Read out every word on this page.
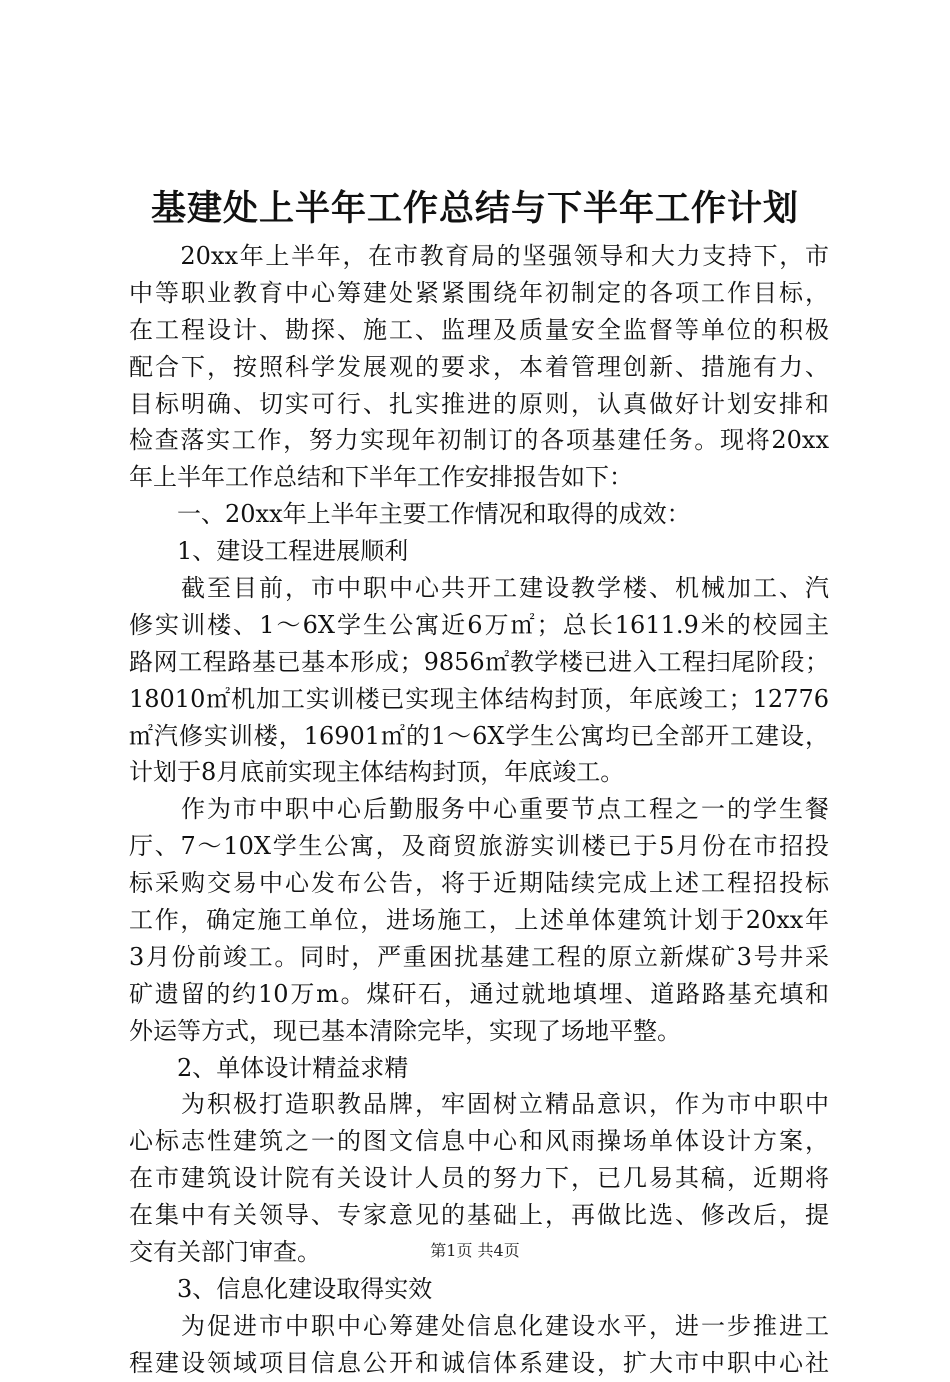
基建处上半年工作总结与下半年工作计划
　　20xx年上半年，在市教育局的坚强领导和大力支持下，市
中等职业教育中心筹建处紧紧围绕年初制定的各项工作目标，
在工程设计、勘探、施工、监理及质量安全监督等单位的积极
配合下，按照科学发展观的要求，本着管理创新、措施有力、
目标明确、切实可行、扎实推进的原则，认真做好计划安排和
检查落实工作，努力实现年初制订的各项基建任务。现将20xx
年上半年工作总结和下半年工作安排报告如下：
　　一、20xx年上半年主要工作情况和取得的成效：
　　1、建设工程进展顺利
　　截至目前，市中职中心共开工建设教学楼、机械加工、汽
修实训楼、1～6X学生公寓近6万㎡；总长1611.9米的校园主
路网工程路基已基本形成；9856㎡教学楼已进入工程扫尾阶段；
18010㎡机加工实训楼已实现主体结构封顶，年底竣工；12776
㎡汽修实训楼，16901㎡的1～6X学生公寓均已全部开工建设，
计划于8月底前实现主体结构封顶，年底竣工。
　　作为市中职中心后勤服务中心重要节点工程之一的学生餐
厅、7～10X学生公寓，及商贸旅游实训楼已于5月份在市招投
标采购交易中心发布公告，将于近期陆续完成上述工程招投标
工作，确定施工单位，进场施工，上述单体建筑计划于20xx年
3月份前竣工。同时，严重困扰基建工程的原立新煤矿3号井采
矿遗留的约10万m。煤矸石，通过就地填埋、道路路基充填和
外运等方式，现已基本清除完毕，实现了场地平整。
　　2、单体设计精益求精
　　为积极打造职教品牌，牢固树立精品意识，作为市中职中
心标志性建筑之一的图文信息中心和风雨操场单体设计方案，
在市建筑设计院有关设计人员的努力下，已几易其稿，近期将
在集中有关领导、专家意见的基础上，再做比选、修改后，提
交有关部门审查。
　　3、信息化建设取得实效
　　为促进市中职中心筹建处信息化建设水平，进一步推进工
程建设领域项目信息公开和诚信体系建设，扩大市中职中心社
第1页 共4页
